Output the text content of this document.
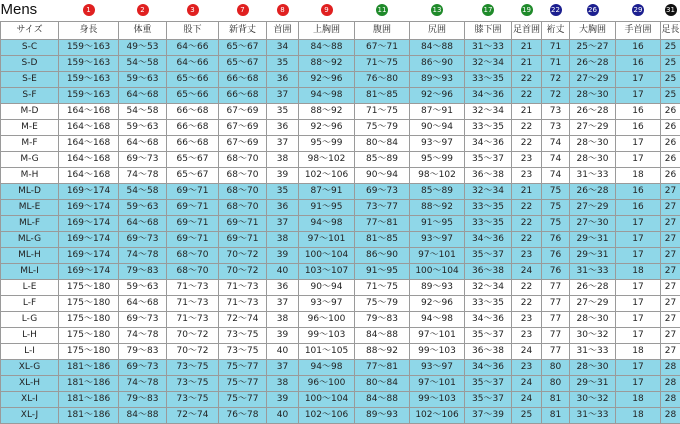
Mens	1	2	3	7	8	9	11	13	17	19	22	26	29	31
サイズ	身長	体重	股下	新背丈	首囲	上胸囲	腹囲	尻囲	膝下囲	足首囲	裄丈	大胸囲	手首囲	足長
S-C	159～163	49～53	64～66	65～67	34	84～88	67～71	84～88	31～33	21	71	25～27	16	25
S-D	159～163	54～58	64～66	65～67	35	88～92	71～75	86～90	32～34	21	71	26～28	16	25
S-E	159～163	59～63	65～66	66～68	36	92～96	76～80	89～93	33～35	22	72	27～29	17	25
S-F	159～163	64～68	65～66	66～68	37	94～98	81～85	92～96	34～36	22	72	28～30	17	25
M-D	164～168	54～58	66～68	67～69	35	88～92	71～75	87～91	32～34	21	73	26～28	16	26
M-E	164～168	59～63	66～68	67～69	36	92～96	75～79	90～94	33～35	22	73	27～29	16	26
M-F	164～168	64～68	66～68	67～69	37	95～99	80～84	93～97	34～36	22	74	28～30	17	26
M-G	164～168	69～73	65～67	68～70	38	98～102	85～89	95～99	35～37	23	74	28～30	17	26
M-H	164～168	74～78	65～67	68～70	39	102～106	90～94	98～102	36～38	23	74	31～33	18	26
ML-D	169～174	54～58	69～71	68～70	35	87～91	69～73	85～89	32～34	21	75	26～28	16	27
ML-E	169～174	59～63	69～71	68～70	36	91～95	73～77	88～92	33～35	22	75	27～29	16	27
ML-F	169～174	64～68	69～71	69～71	37	94～98	77～81	91～95	33～35	22	75	27～30	17	27
ML-G	169～174	69～73	69～71	69～71	38	97～101	81～85	93～97	34～36	22	76	29～31	17	27
ML-H	169～174	74～78	68～70	70～72	39	100～104	86～90	97～101	35～37	23	76	29～31	17	27
ML-I	169～174	79～83	68～70	70～72	40	103～107	91～95	100～104	36～38	24	76	31～33	18	27
L-E	175～180	59～63	71～73	71～73	36	90～94	71～75	89～93	32～34	22	77	26～28	17	27
L-F	175～180	64～68	71～73	71～73	37	93～97	75～79	92～96	33～35	22	77	27～29	17	27
L-G	175～180	69～73	71～73	72～74	38	96～100	79～83	94～98	34～36	23	77	28～30	17	27
L-H	175～180	74～78	70～72	73～75	39	99～103	84～88	97～101	35～37	23	77	30～32	17	27
L-I	175～180	79～83	70～72	73～75	40	101～105	88～92	99～103	36～38	24	77	31～33	18	27
XL-G	181～186	69～73	73～75	75～77	37	94～98	77～81	93～97	34～36	23	80	28～30	17	28
XL-H	181～186	74～78	73～75	75～77	38	96～100	80～84	97～101	35～37	24	80	29～31	17	28
XL-I	181～186	79～83	73～75	75～77	39	100～104	84～88	99～103	35～37	24	81	30～32	18	28
XL-J	181～186	84～88	72～74	76～78	40	102～106	89～93	102～106	37～39	25	81	31～33	18	28
